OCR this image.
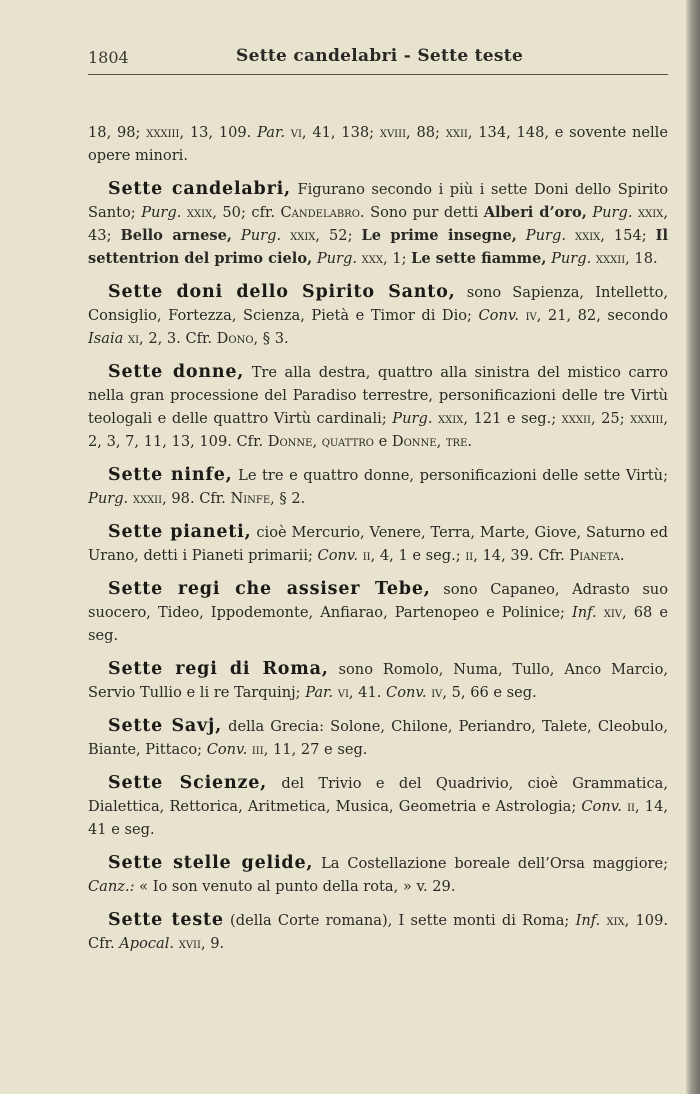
1804	Sette candelabri - Sette teste

18, 98; xxxiii, 13, 109. Par. vi, 41, 138; xviii, 88; xxii, 134, 148, e sovente nelle opere minori.

Sette candelabri, Figurano secondo i più i sette Doni dello Spirito Santo; Purg. xxix, 50; cfr. Candelabro. Sono pur detti Alberi d’oro, Purg. xxix, 43; Bello arnese, Purg. xxix, 52; Le prime insegne, Purg. xxix, 154; Il settentrion del primo cielo, Purg. xxx, 1; Le sette fiamme, Purg. xxxii, 18.

Sette doni dello Spirito Santo, sono Sapienza, Intelletto, Consiglio, Fortezza, Scienza, Pietà e Timor di Dio; Conv. iv, 21, 82, secondo Isaia xi, 2, 3. Cfr. Dono, § 3.

Sette donne, Tre alla destra, quattro alla sinistra del mistico carro nella gran processione del Paradiso terrestre, personificazioni delle tre Virtù teologali e delle quattro Virtù cardinali; Purg. xxix, 121 e seg.; xxxii, 25; xxxiii, 2, 3, 7, 11, 13, 109. Cfr. Donne, quattro e Donne, tre.

Sette ninfe, Le tre e quattro donne, personificazioni delle sette Virtù; Purg. xxxii, 98. Cfr. Ninfe, § 2.

Sette pianeti, cioè Mercurio, Venere, Terra, Marte, Giove, Saturno ed Urano, detti i Pianeti primarii; Conv. ii, 4, 1 e seg.; ii, 14, 39. Cfr. Pianeta.

Sette regi che assiser Tebe, sono Capaneo, Adrasto suo suocero, Tideo, Ippodemonte, Anfiarao, Partenopeo e Polinice; Inf. xiv, 68 e seg.

Sette regi di Roma, sono Romolo, Numa, Tullo, Anco Marcio, Servio Tullio e li re Tarquinj; Par. vi, 41. Conv. iv, 5, 66 e seg.

Sette Savj, della Grecia: Solone, Chilone, Periandro, Talete, Cleobulo, Biante, Pittaco; Conv. iii, 11, 27 e seg.

Sette Scienze, del Trivio e del Quadrivio, cioè Grammatica, Dialettica, Rettorica, Aritmetica, Musica, Geometria e Astrologia; Conv. ii, 14, 41 e seg.

Sette stelle gelide, La Costellazione boreale dell’Orsa maggiore; Canz.: « Io son venuto al punto della rota, » v. 29.

Sette teste (della Corte romana), I sette monti di Roma; Inf. xix, 109. Cfr. Apocal. xvii, 9.
